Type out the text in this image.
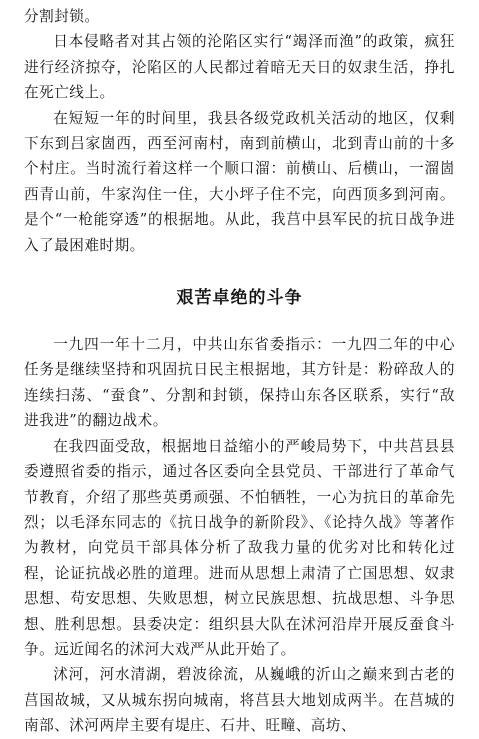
分割封锁。

日本侵略者对其占领的沦陷区实行“竭泽而渔”的政策，疯狂进行经济掠夺，沦陷区的人民都过着暗无天日的奴隶生活，挣扎在死亡线上。

在短短一年的时间里，我县各级党政机关活动的地区，仅剩下东到吕家崮西，西至河南村，南到前横山，北到青山前的十多个村庄。当时流行着这样一个顺口溜：前横山、后横山，一溜崮西青山前，牛家沟住一住，大小坪子住不完，向西顶多到河南。是个“一枪能穿透”的根据地。从此，我莒中县军民的抗日战争进入了最困难时期。

艰苦卓绝的斗争

一九四一年十二月，中共山东省委指示：一九四二年的中心任务是继续坚持和巩固抗日民主根据地，其方针是：粉碎敌人的连续扫荡、“蚕食”、分割和封锁，保持山东各区联系，实行“敌进我进”的翻边战术。

在我四面受敌，根据地日益缩小的严峻局势下，中共莒县县委遵照省委的指示，通过各区委向全县党员、干部进行了革命气节教育，介绍了那些英勇顽强、不怕牺牲，一心为抗日的革命先烈；以毛泽东同志的《抗日战争的新阶段》、《论持久战》等著作为教材，向党员干部具体分析了敌我力量的优劣对比和转化过程，论证抗战必胜的道理。进而从思想上肃清了亡国思想、奴隶思想、苟安思想、失败思想，树立民族思想、抗战思想、斗争思想、胜利思想。县委决定：组织县大队在沭河沿岸开展反蚕食斗争。远近闻名的沭河大戏严从此开始了。

沭河，河水清湖，碧波徐流，从巍峨的沂山之巅来到古老的莒国故城，又从城东拐向城南，将莒县大地划成两半。在莒城的南部、沭河两岸主要有堤庄、石井、旺疃、高坊、
